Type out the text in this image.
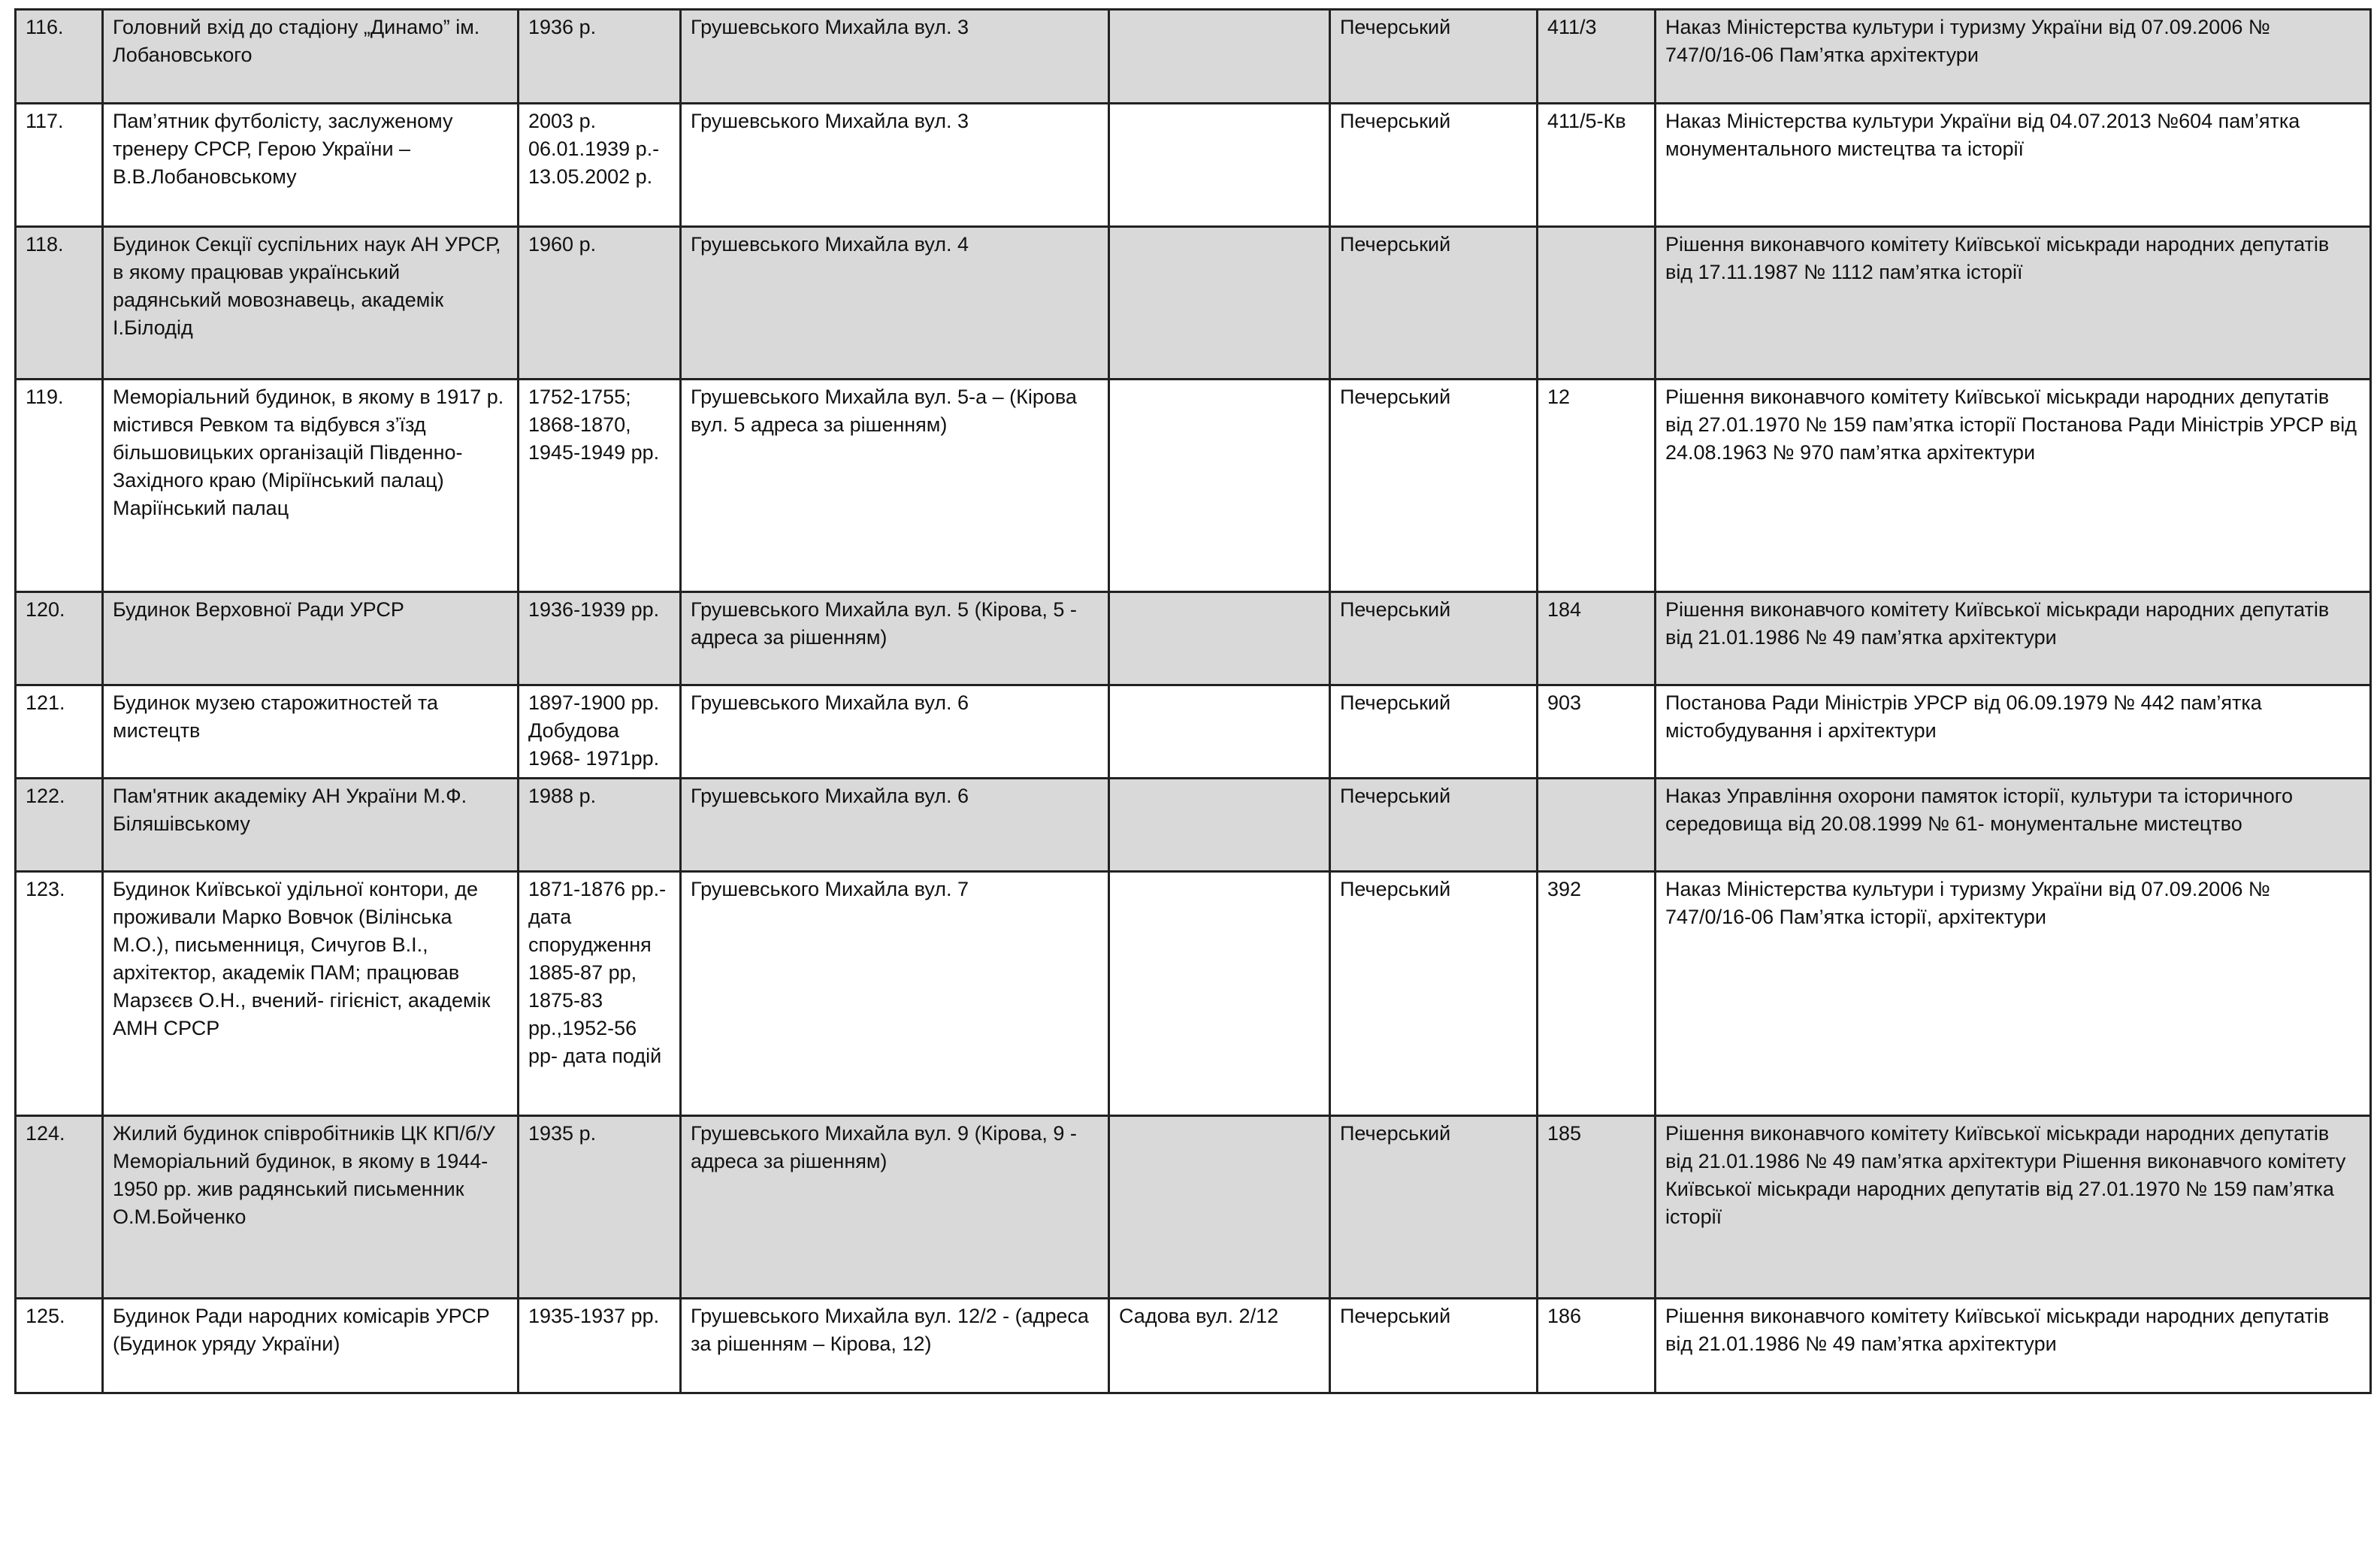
116.	Головний вхід до стадіону „Динамо” ім. Лобановського	1936 р.	Грушевського Михайла вул. 3		Печерський	411/3	Наказ Міністерства культури і туризму України від 07.09.2006 № 747/0/16-06 Пам’ятка архітектури
117.	Пам’ятник футболісту, заслуженому тренеру СРСР, Герою України – В.В.Лобановському	2003 р. 06.01.1939 р.- 13.05.2002 р.	Грушевського Михайла вул. 3		Печерський	411/5-Кв	Наказ Міністерства культури України від 04.07.2013 №604 пам’ятка монументального мистецтва та історії
118.	Будинок Секції суспільних наук АН УРСР, в якому працював український радянський мовознавець, академік І.Білодід	1960 р.	Грушевського Михайла вул. 4		Печерський		Рішення виконавчого комітету Київської міськради народних депутатів від 17.11.1987 № 1112 пам’ятка історії
119.	Меморіальний будинок, в якому в 1917 р. містився Ревком та відбувся з’їзд більшовицьких організацій Південно-Західного краю (Міріїнський палац) Маріїнський палац	1752-1755; 1868-1870, 1945-1949 рр.	Грушевського Михайла вул. 5-а – (Кірова вул. 5 адреса за рішенням)		Печерський	12	Рішення виконавчого комітету Київської міськради народних депутатів від 27.01.1970 № 159 пам’ятка історії Постанова Ради Міністрів УРСР від 24.08.1963 № 970 пам’ятка архітектури
120.	Будинок Верховної Ради УРСР	1936-1939 рр.	Грушевського Михайла вул. 5 (Кірова, 5 - адреса за рішенням)		Печерський	184	Рішення виконавчого комітету Київської міськради народних депутатів від 21.01.1986 № 49 пам’ятка архітектури
121.	Будинок музею старожитностей та мистецтв	1897-1900 рр. Добудова 1968- 1971рр.	Грушевського Михайла вул. 6		Печерський	903	Постанова Ради Міністрів УРСР від 06.09.1979 № 442 пам’ятка містобудування і архітектури
122.	Пам'ятник академіку АН України М.Ф. Біляшівському	1988 р.	Грушевського Михайла вул. 6		Печерський		Наказ Управління охорони памяток історії, культури та історичного середовища від 20.08.1999 № 61- монументальне мистецтво
123.	Будинок Київської удільної контори, де проживали Марко Вовчок (Вілінська М.О.), письменниця, Сичугов В.І., архітектор, академік ПАМ; працював Марзєєв О.Н., вчений- гігієніст, академік АМН СРСР	1871-1876 рр.- дата спорудження 1885-87 рр, 1875-83 рр.,1952-56 рр- дата подій	Грушевського Михайла вул. 7		Печерський	392	Наказ Міністерства культури і туризму України від 07.09.2006 № 747/0/16-06 Пам’ятка історії, архітектури
124.	Жилий будинок співробітників ЦК КП/б/У Меморіальний будинок, в якому в 1944-1950 рр. жив радянський письменник О.М.Бойченко	1935 р.	Грушевського Михайла вул. 9 (Кірова, 9 - адреса за рішенням)		Печерський	185	Рішення виконавчого комітету Київської міськради народних депутатів від 21.01.1986 № 49 пам’ятка архітектури Рішення виконавчого комітету Київської міськради народних депутатів від 27.01.1970 № 159 пам’ятка історії
125.	Будинок Ради народних комісарів УРСР (Будинок уряду України)	1935-1937 рр.	Грушевського Михайла вул. 12/2 - (адреса за рішенням – Кірова, 12)	Садова вул. 2/12	Печерський	186	Рішення виконавчого комітету Київської міськради народних депутатів від 21.01.1986 № 49 пам’ятка архітектури
